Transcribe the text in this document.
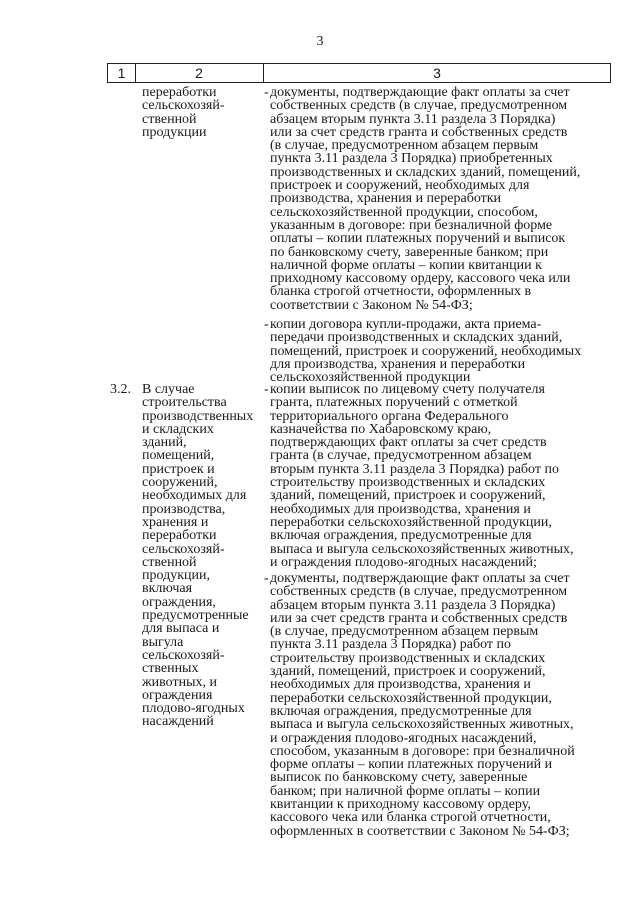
3
1	2	3
переработки
сельскохозяй-
ственной
продукции
- документы, подтверждающие факт оплаты за счет
собственных средств (в случае, предусмотренном
абзацем вторым пункта 3.11 раздела 3 Порядка)
или за счет средств гранта и собственных средств
(в случае, предусмотренном абзацем первым
пункта 3.11 раздела 3 Порядка) приобретенных
производственных и складских зданий, помещений,
пристроек и сооружений, необходимых для
производства, хранения и переработки
сельскохозяйственной продукции, способом,
указанным в договоре: при безналичной форме
оплаты – копии платежных поручений и выписок
по банковскому счету, заверенные банком; при
наличной форме оплаты – копии квитанции к
приходному кассовому ордеру, кассового чека или
бланка строгой отчетности, оформленных в
соответствии с Законом № 54-ФЗ;
- копии договора купли-продажи, акта приема-
передачи производственных и складских зданий,
помещений, пристроек и сооружений, необходимых
для производства, хранения и переработки
сельскохозяйственной продукции
3.2. В случае
строительства
производственных
и складских
зданий,
помещений,
пристроек и
сооружений,
необходимых для
производства,
хранения и
переработки
сельскохозяй-
ственной
продукции,
включая
ограждения,
предусмотренные
для выпаса и
выгула
сельскохозяй-
ственных
животных, и
ограждения
плодово-ягодных
насаждений
- копии выписок по лицевому счету получателя
гранта, платежных поручений с отметкой
территориального органа Федерального
казначейства по Хабаровскому краю,
подтверждающих факт оплаты за счет средств
гранта (в случае, предусмотренном абзацем
вторым пункта 3.11 раздела 3 Порядка) работ по
строительству производственных и складских
зданий, помещений, пристроек и сооружений,
необходимых для производства, хранения и
переработки сельскохозяйственной продукции,
включая ограждения, предусмотренные для
выпаса и выгула сельскохозяйственных животных,
и ограждения плодово-ягодных насаждений;
- документы, подтверждающие факт оплаты за счет
собственных средств (в случае, предусмотренном
абзацем вторым пункта 3.11 раздела 3 Порядка)
или за счет средств гранта и собственных средств
(в случае, предусмотренном абзацем первым
пункта 3.11 раздела 3 Порядка) работ по
строительству производственных и складских
зданий, помещений, пристроек и сооружений,
необходимых для производства, хранения и
переработки сельскохозяйственной продукции,
включая ограждения, предусмотренные для
выпаса и выгула сельскохозяйственных животных,
и ограждения плодово-ягодных насаждений,
способом, указанным в договоре: при безналичной
форме оплаты – копии платежных поручений и
выписок по банковскому счету, заверенные
банком; при наличной форме оплаты – копии
квитанции к приходному кассовому ордеру,
кассового чека или бланка строгой отчетности,
оформленных в соответствии с Законом № 54-ФЗ;
